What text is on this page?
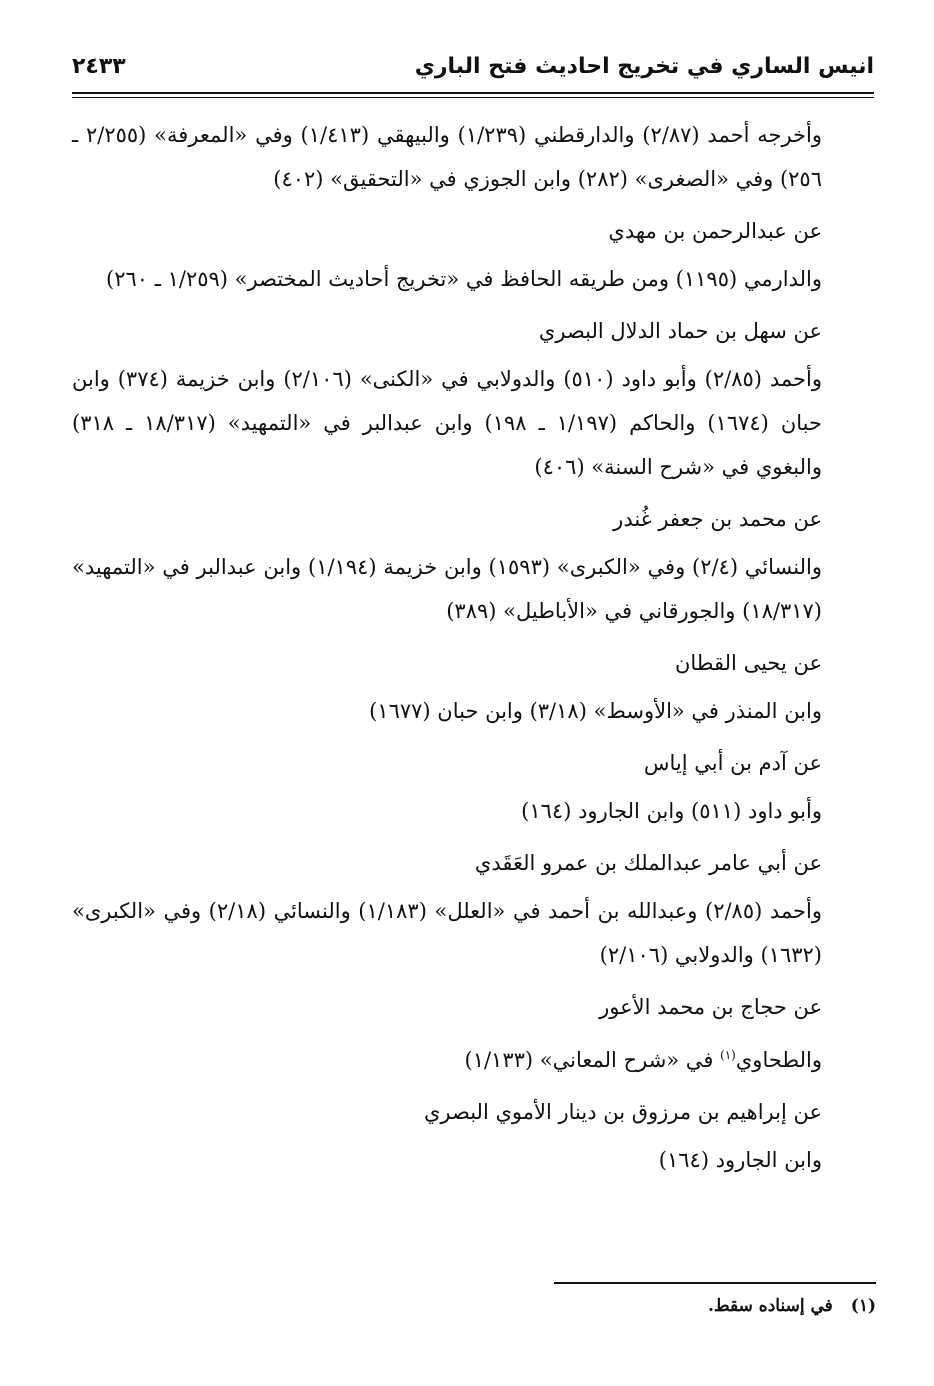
انيس الساري في تخريج احاديث فتح الباري
٢٤٣٣
وأخرجه أحمد (٢/٨٧) والدارقطني (١/٢٣٩) والبيهقي (١/٤١٣) وفي «المعرفة» (٢/٢٥٥ ـ ٢٥٦) وفي «الصغرى» (٢٨٢) وابن الجوزي في «التحقيق» (٤٠٢)
عن عبدالرحمن بن مهدي
والدارمي (١١٩٥) ومن طريقه الحافظ في «تخريج أحاديث المختصر» (١/٢٥٩ ـ ٢٦٠)
عن سهل بن حماد الدلال البصري
وأحمد (٢/٨٥) وأبو داود (٥١٠) والدولابي في «الكنى» (٢/١٠٦) وابن خزيمة (٣٧٤) وابن حبان (١٦٧٤) والحاكم (١/١٩٧ ـ ١٩٨) وابن عبدالبر في «التمهيد» (١٨/٣١٧ ـ ٣١٨) والبغوي في «شرح السنة» (٤٠٦)
عن محمد بن جعفر غُندر
والنسائي (٢/٤) وفي «الكبرى» (١٥٩٣) وابن خزيمة (١/١٩٤) وابن عبدالبر في «التمهيد» (١٨/٣١٧) والجورقاني في «الأباطيل» (٣٨٩)
عن يحيى القطان
وابن المنذر في «الأوسط» (٣/١٨) وابن حبان (١٦٧٧)
عن آدم بن أبي إياس
وأبو داود (٥١١) وابن الجارود (١٦٤)
عن أبي عامر عبدالملك بن عمرو العَقَدي
وأحمد (٢/٨٥) وعبدالله بن أحمد في «العلل» (١/١٨٣) والنسائي (٢/١٨) وفي «الكبرى» (١٦٣٢) والدولابي (٢/١٠٦)
عن حجاج بن محمد الأعور
والطحاوي$^{(١)}$ في «شرح المعاني» (١/١٣٣)
عن إبراهيم بن مرزوق بن دينار الأموي البصري
وابن الجارود (١٦٤)
(١)في إسناده سقط.
